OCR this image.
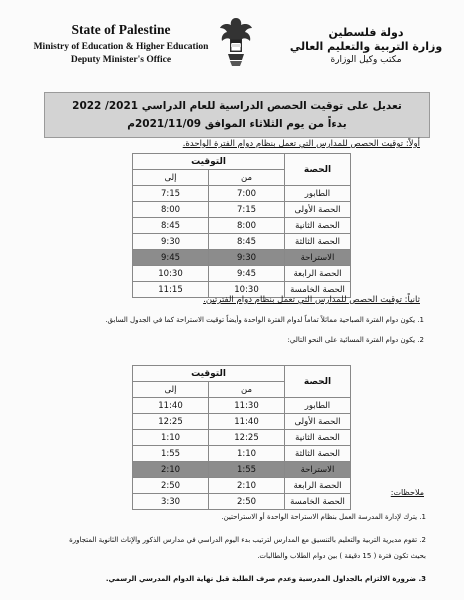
State of Palestine
Ministry of Education & Higher Education
Deputy Minister's Office
دولة فلسطين
وزارة التربية والتعليم العالي
مكتب وكيل الوزارة
تعديل على توقيت الحصص الدراسية للعام الدراسي 2021/ 2022
بدءاً من يوم الثلاثاء الموافق 2021/11/09م
أولاً: توقيت الحصص للمدارس التي تعمل بنظام دوام الفترة الواحدة.
الحصة	التوقيت	
	من	إلى
الطابور	7:00	7:15
الحصة الأولى	7:15	8:00
الحصة الثانية	8:00	8:45
الحصة الثالثة	8:45	9:30
الاستراحة	9:30	9:45
الحصة الرابعة	9:45	10:30
الحصة الخامسة	10:30	11:15
ثانياً: توقيت الحصص للمدارس التي تعمل بنظام دوام الفترتين.
1. يكون دوام الفترة الصباحية مماثلاً تماماً لدوام الفترة الواحدة وأيضاً توقيت الاستراحة كما في الجدول السابق.
2. يكون دوام الفترة المسائية على النحو التالي:
الحصة	التوقيت	
	من	إلى
الطابور	11:30	11:40
الحصة الأولى	11:40	12:25
الحصة الثانية	12:25	1:10
الحصة الثالثة	1:10	1:55
الاستراحة	1:55	2:10
الحصة الرابعة	2:10	2:50
الحصة الخامسة	2:50	3:30
ملاحظات:
1. يترك لإدارة المدرسة العمل بنظام الاستراحة الواحدة أو الاستراحتين.
2. تقوم مديرية التربية والتعليم بالتنسيق مع المدارس لترتيب بدء اليوم الدراسي في مدارس الذكور والإناث الثانوية المتجاورة
بحيث تكون فترة ( 15 دقيقة ) بين دوام الطلاب والطالبات.
3. ضرورة الالتزام بالجداول المدرسية وعدم صرف الطلبة قبل نهاية الدوام المدرسي الرسمي.
